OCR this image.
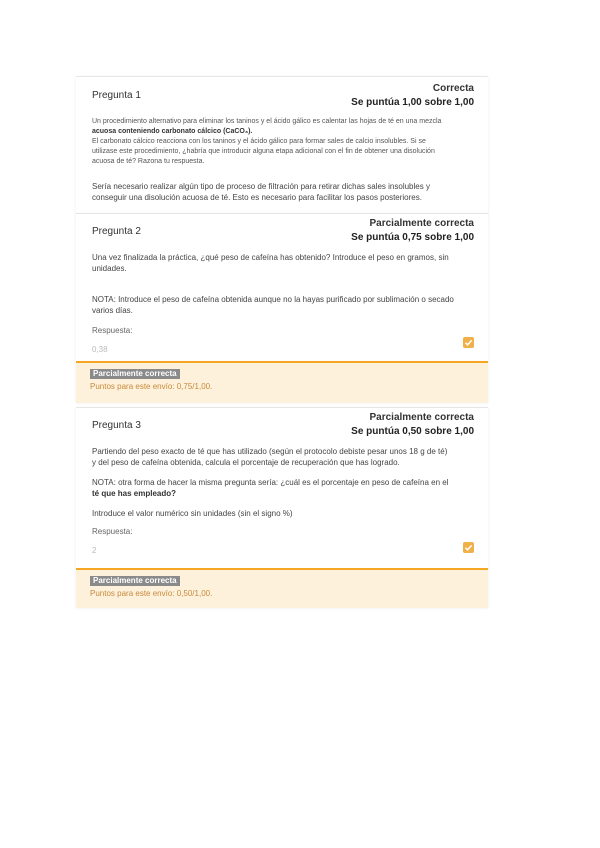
Pregunta 1
Correcta
Se puntúa 1,00 sobre 1,00
Un procedimiento alternativo para eliminar los taninos y el ácido gálico es calentar las hojas de té en una mezcla
acuosa conteniendo carbonato cálcico (CaCO₃).
El carbonato cálcico reacciona con los taninos y el ácido gálico para formar sales de calcio insolubles. Si se
utilizase este procedimiento, ¿habría que introducir alguna etapa adicional con el fin de obtener una disolución
acuosa de té? Razona tu respuesta.
Sería necesario realizar algún tipo de proceso de filtración para retirar dichas sales insolubles y
conseguir una disolución acuosa de té. Esto es necesario para facilitar los pasos posteriores.
Pregunta 2
Parcialmente correcta
Se puntúa 0,75 sobre 1,00

Una vez finalizada la práctica, ¿qué peso de cafeína has obtenido? Introduce el peso en gramos, sin
unidades.

NOTA: Introduce el peso de cafeína obtenida aunque no la hayas purificado por sublimación o secado
varios días.

Respuesta:
0,38
Parcialmente correcta
Puntos para este envío: 0,75/1,00.
Pregunta 3
Parcialmente correcta
Se puntúa 0,50 sobre 1,00

Partiendo del peso exacto de té que has utilizado (según el protocolo debiste pesar unos 18 g de té)
y del peso de cafeína obtenida, calcula el porcentaje de recuperación que has logrado.

NOTA: otra forma de hacer la misma pregunta sería: ¿cuál es el porcentaje en peso de cafeína en el
té que has empleado?

Introduce el valor numérico sin unidades (sin el signo %)

Respuesta:
2
Parcialmente correcta
Puntos para este envío: 0,50/1,00.
